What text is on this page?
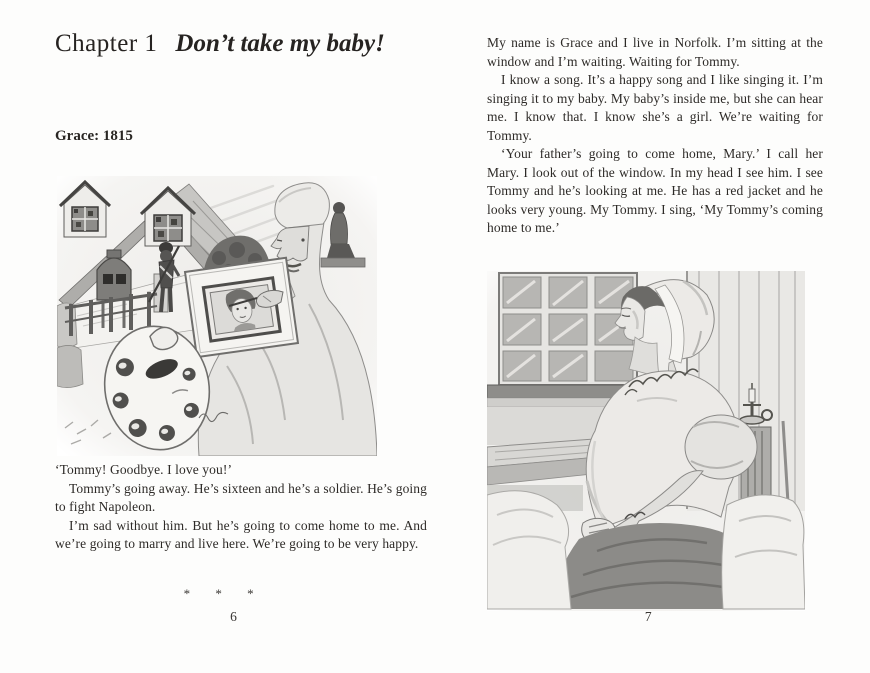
Chapter 1 Don’t take my baby!
Grace: 1815

‘Tommy! Goodbye. I love you!’

Tommy’s going away. He’s sixteen and he’s a soldier. He’s going to fight Napoleon.

I’m sad without him. But he’s going to come home to me. And we’re going to marry and live here. We’re going to be very happy.

* * *
6

My name is Grace and I live in Norfolk. I’m sitting at the window and I’m waiting. Waiting for Tommy.

I know a song. It’s a happy song and I like singing it. I’m singing it to my baby. My baby’s inside me, but she can hear me. I know that. I know she’s a girl. We’re waiting for Tommy.

‘Your father’s going to come home, Mary.’ I call her Mary. I look out of the window. In my head I see him. I see Tommy and he’s looking at me. He has a red jacket and he looks very young. My Tommy. I sing, ‘My Tommy’s coming home to me.’

7
